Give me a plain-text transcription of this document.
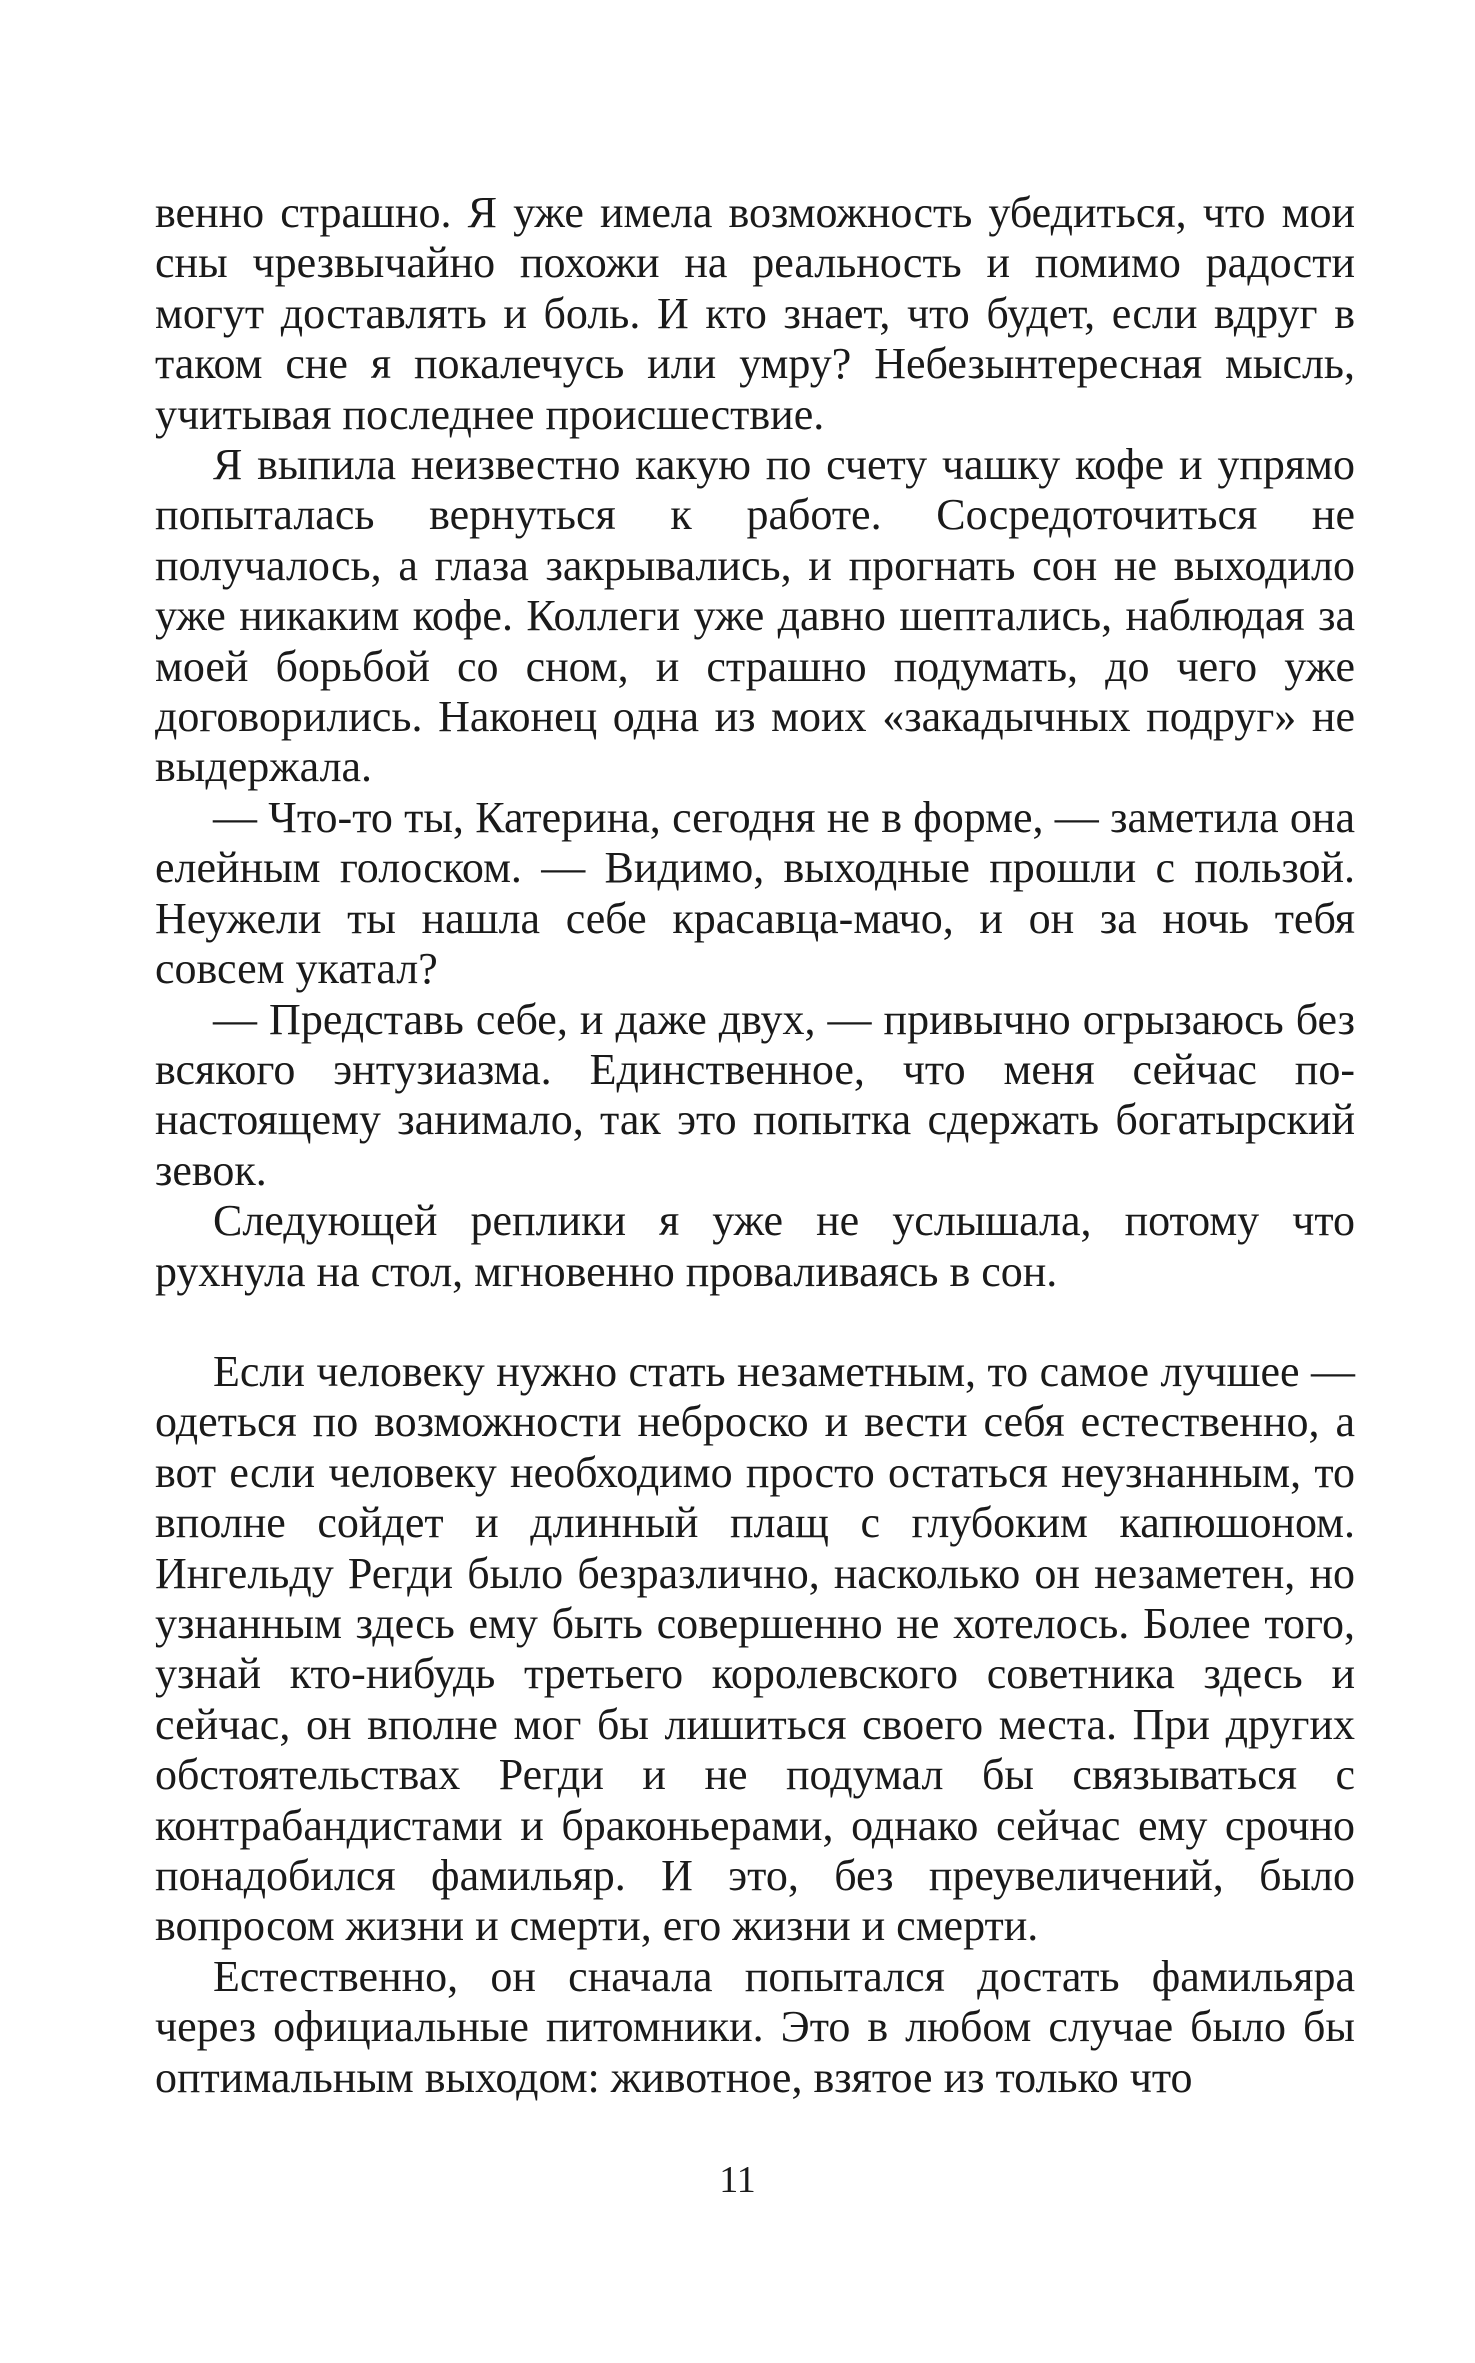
венно страшно. Я уже имела возможность убедиться, что мои сны чрезвычайно похожи на реальность и помимо радости могут доставлять и боль. И кто знает, что будет, если вдруг в таком сне я покалечусь или умру? Небезынтересная мысль, учитывая последнее происшествие.

Я выпила неизвестно какую по счету чашку кофе и упрямо попыталась вернуться к работе. Сосредоточиться не получалось, а глаза закрывались, и прогнать сон не выходило уже никаким кофе. Коллеги уже давно шептались, наблюдая за моей борьбой со сном, и страшно подумать, до чего уже договорились. Наконец одна из моих «закадычных подруг» не выдержала.

— Что-то ты, Катерина, сегодня не в форме, — заметила она елейным голоском. — Видимо, выходные прошли с пользой. Неужели ты нашла себе красавца-мачо, и он за ночь тебя совсем укатал?

— Представь себе, и даже двух, — привычно огрызаюсь без всякого энтузиазма. Единственное, что меня сейчас по-настоящему занимало, так это попытка сдержать богатырский зевок.

Следующей реплики я уже не услышала, потому что рухнула на стол, мгновенно проваливаясь в сон.

Если человеку нужно стать незаметным, то самое лучшее — одеться по возможности неброско и вести себя естественно, а вот если человеку необходимо просто остаться неузнанным, то вполне сойдет и длинный плащ с глубоким капюшоном. Ингельду Регди было безразлично, насколько он незаметен, но узнанным здесь ему быть совершенно не хотелось. Более того, узнай кто-нибудь третьего королевского советника здесь и сейчас, он вполне мог бы лишиться своего места. При других обстоятельствах Регди и не подумал бы связываться с контрабандистами и браконьерами, однако сейчас ему срочно понадобился фамильяр. И это, без преувеличений, было вопросом жизни и смерти, его жизни и смерти.

Естественно, он сначала попытался достать фамильяра через официальные питомники. Это в любом случае было бы оптимальным выходом: животное, взятое из только что

11
